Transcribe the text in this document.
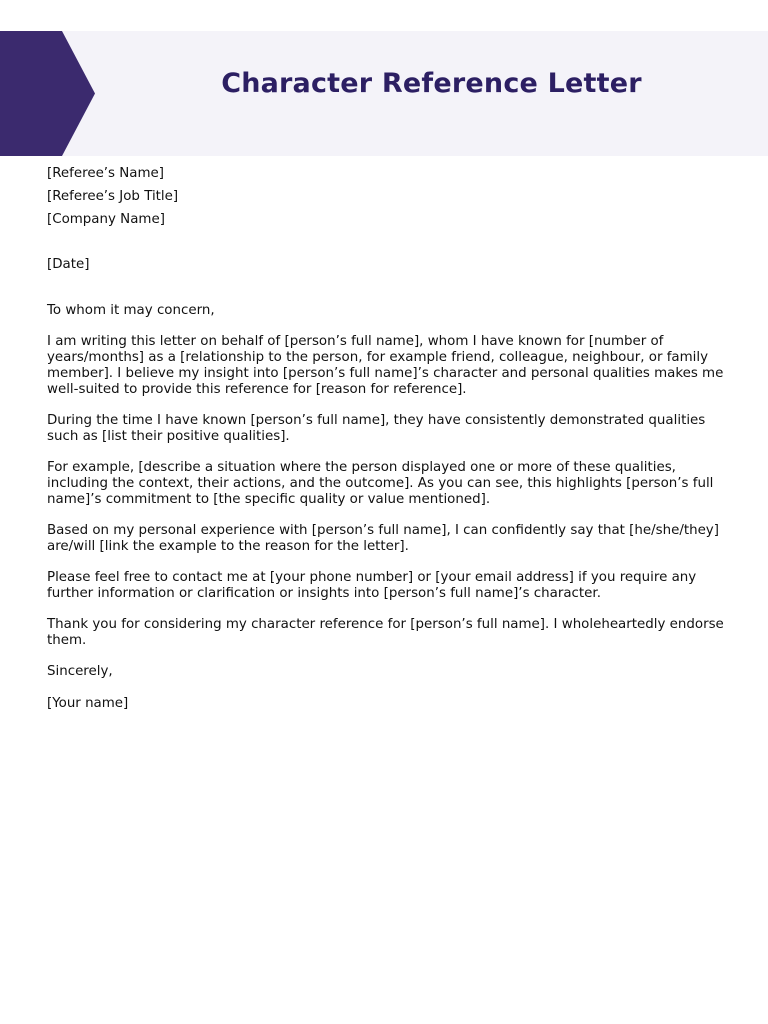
Character Reference Letter

[Referee’s Name]

[Referee’s Job Title]

[Company Name]

[Date]

To whom it may concern,

I am writing this letter on behalf of [person’s full name], whom I have known for [number of years/months] as a [relationship to the person, for example friend, colleague, neighbour, or family member]. I believe my insight into [person’s full name]’s character and personal qualities makes me well-suited to provide this reference for [reason for reference].

During the time I have known [person’s full name], they have consistently demonstrated qualities such as [list their positive qualities].

For example, [describe a situation where the person displayed one or more of these qualities, including the context, their actions, and the outcome]. As you can see, this highlights [person’s full name]’s commitment to [the specific quality or value mentioned].

Based on my personal experience with [person’s full name], I can confidently say that [he/she/they] are/will [link the example to the reason for the letter].

Please feel free to contact me at [your phone number] or [your email address] if you require any further information or clarification or insights into [person’s full name]’s character.

Thank you for considering my character reference for [person’s full name]. I wholeheartedly endorse them.

Sincerely,

[Your name]
